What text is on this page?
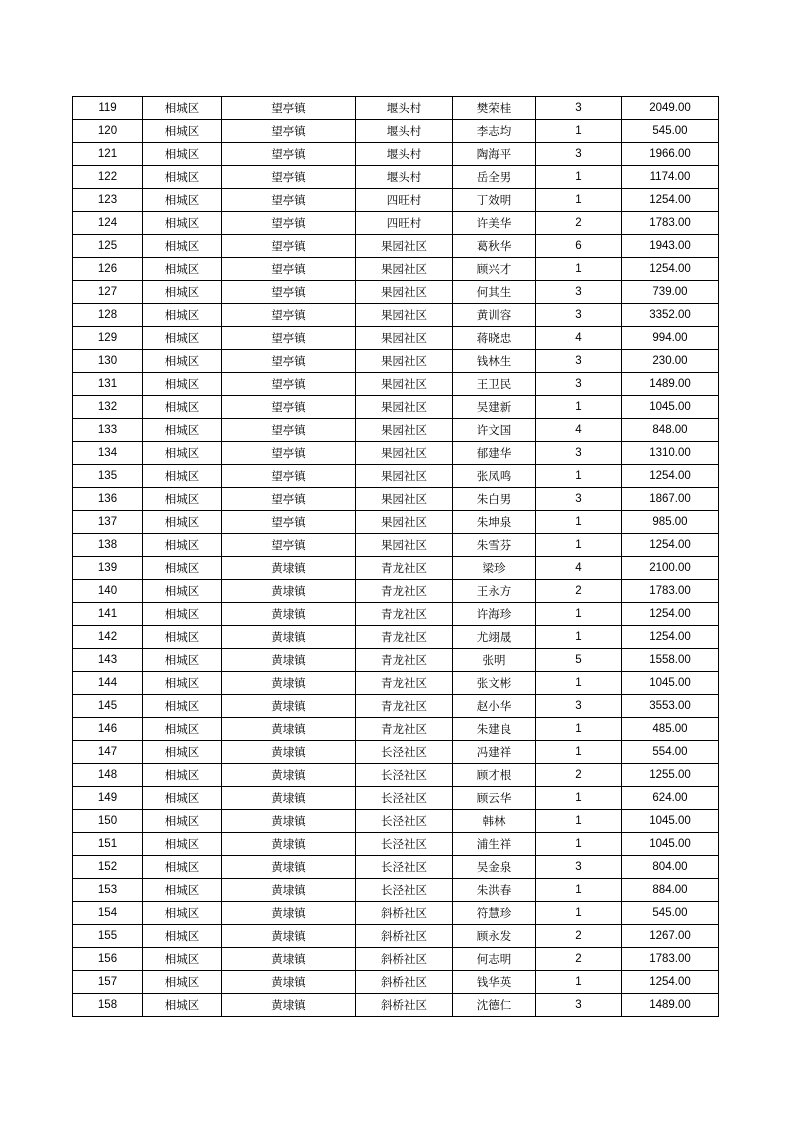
119	相城区	望亭镇	堰头村	樊荣桂	3	2049.00
120	相城区	望亭镇	堰头村	李志均	1	545.00
121	相城区	望亭镇	堰头村	陶海平	3	1966.00
122	相城区	望亭镇	堰头村	岳全男	1	1174.00
123	相城区	望亭镇	四旺村	丁效明	1	1254.00
124	相城区	望亭镇	四旺村	许美华	2	1783.00
125	相城区	望亭镇	果园社区	葛秋华	6	1943.00
126	相城区	望亭镇	果园社区	顾兴才	1	1254.00
127	相城区	望亭镇	果园社区	何其生	3	739.00
128	相城区	望亭镇	果园社区	黄训容	3	3352.00
129	相城区	望亭镇	果园社区	蒋晓忠	4	994.00
130	相城区	望亭镇	果园社区	钱林生	3	230.00
131	相城区	望亭镇	果园社区	王卫民	3	1489.00
132	相城区	望亭镇	果园社区	吴建新	1	1045.00
133	相城区	望亭镇	果园社区	许文国	4	848.00
134	相城区	望亭镇	果园社区	郁建华	3	1310.00
135	相城区	望亭镇	果园社区	张凤鸣	1	1254.00
136	相城区	望亭镇	果园社区	朱白男	3	1867.00
137	相城区	望亭镇	果园社区	朱坤泉	1	985.00
138	相城区	望亭镇	果园社区	朱雪芬	1	1254.00
139	相城区	黄埭镇	青龙社区	梁珍	4	2100.00
140	相城区	黄埭镇	青龙社区	王永方	2	1783.00
141	相城区	黄埭镇	青龙社区	许海珍	1	1254.00
142	相城区	黄埭镇	青龙社区	尤翊晟	1	1254.00
143	相城区	黄埭镇	青龙社区	张明	5	1558.00
144	相城区	黄埭镇	青龙社区	张文彬	1	1045.00
145	相城区	黄埭镇	青龙社区	赵小华	3	3553.00
146	相城区	黄埭镇	青龙社区	朱建良	1	485.00
147	相城区	黄埭镇	长泾社区	冯建祥	1	554.00
148	相城区	黄埭镇	长泾社区	顾才根	2	1255.00
149	相城区	黄埭镇	长泾社区	顾云华	1	624.00
150	相城区	黄埭镇	长泾社区	韩林	1	1045.00
151	相城区	黄埭镇	长泾社区	浦生祥	1	1045.00
152	相城区	黄埭镇	长泾社区	吴金泉	3	804.00
153	相城区	黄埭镇	长泾社区	朱洪春	1	884.00
154	相城区	黄埭镇	斜桥社区	符慧珍	1	545.00
155	相城区	黄埭镇	斜桥社区	顾永发	2	1267.00
156	相城区	黄埭镇	斜桥社区	何志明	2	1783.00
157	相城区	黄埭镇	斜桥社区	钱华英	1	1254.00
158	相城区	黄埭镇	斜桥社区	沈德仁	3	1489.00
